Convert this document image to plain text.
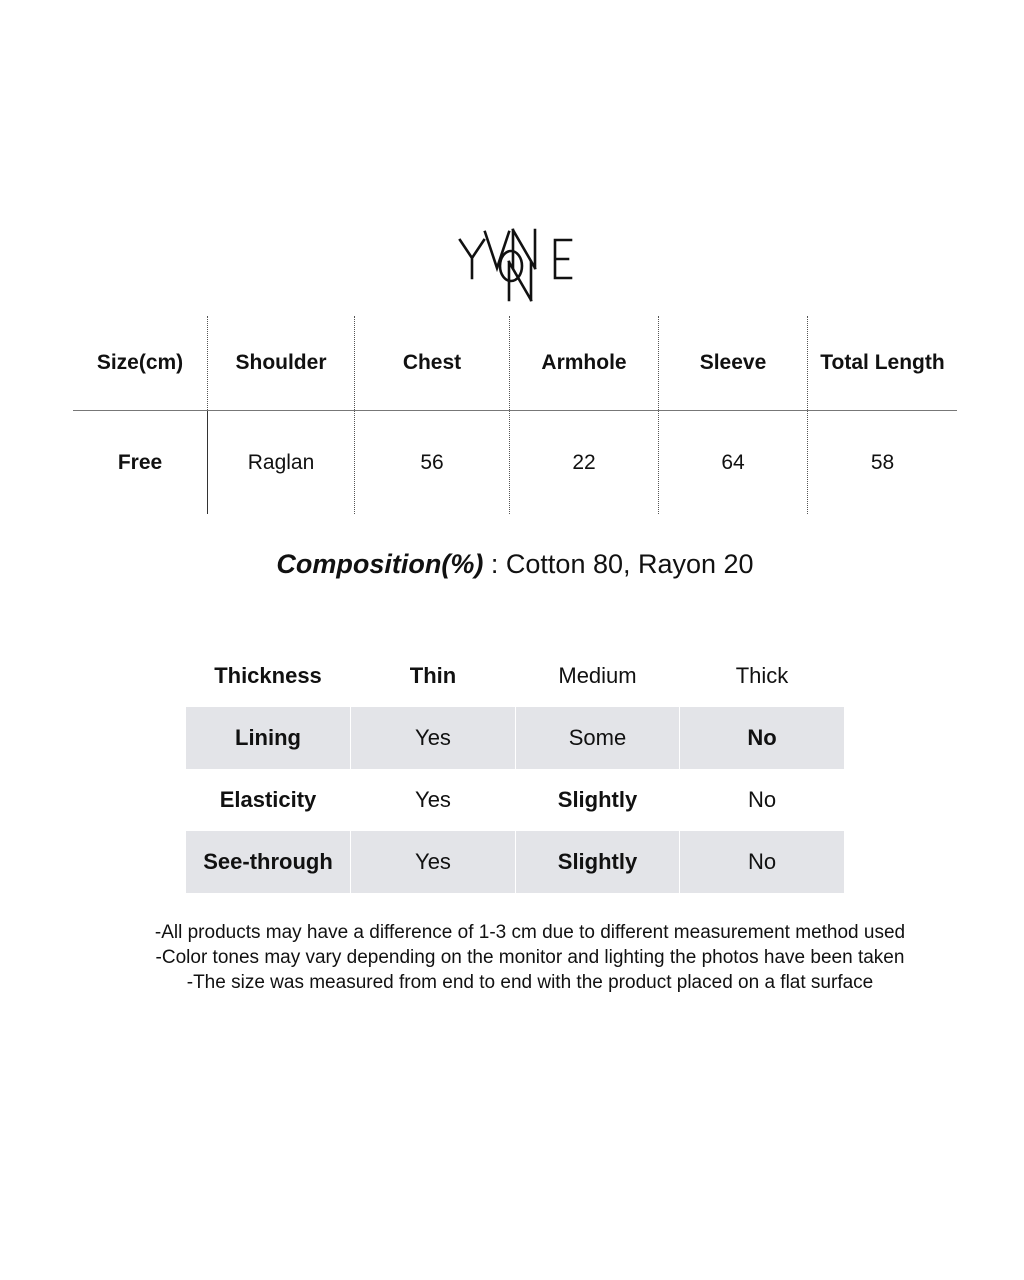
Size(cm)	Shoulder	Chest	Armhole	Sleeve	Total Length
Free	Raglan	56	22	64	58
Composition(%) : Cotton 80, Rayon 20
Thickness	Thin	Medium	Thick
Lining	Yes	Some	No
Elasticity	Yes	Slightly	No
See-through	Yes	Slightly	No
-All products may have a difference of 1-3 cm due to different measurement method used
-Color tones may vary depending on the monitor and lighting the photos have been taken
-The size was measured from end to end with the product placed on a flat surface
